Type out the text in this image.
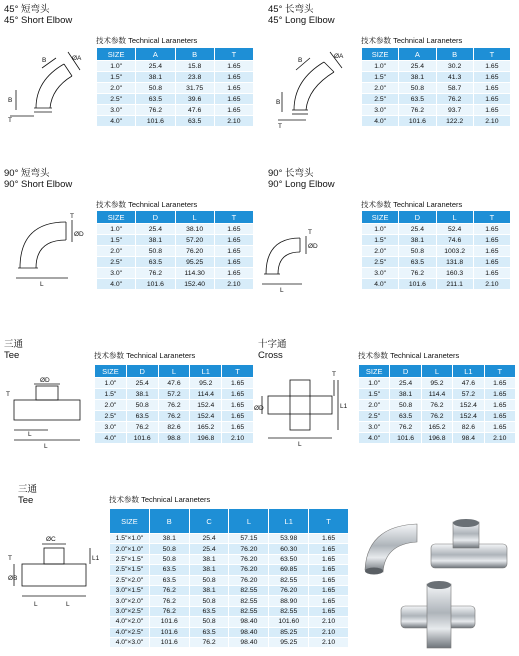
45° 短弯头
45° Short Elbow
45° 长弯头
45° Long Elbow
90° 短弯头
90° Short Elbow
90° 长弯头
90° Long Elbow
三通
Tee
十字通
Cross
三通
Tee
技术参数 Technical Laraneters	技术参数 Technical Laraneters
技术参数 Technical Laraneters	技术参数 Technical Laraneters
技术参数 Technical Laraneters	技术参数 Technical Laraneters
技术参数 Technical Laraneters
SIZE	A	B	T
1.0"	25.4	15.8	1.65
1.5"	38.1	23.8	1.65
2.0"	50.8	31.75	1.65
2.5"	63.5	39.6	1.65
3.0"	76.2	47.6	1.65
4.0"	101.6	63.5	2.10
SIZE	A	B	T
1.0"	25.4	30.2	1.65
1.5"	38.1	41.3	1.65
2.0"	50.8	58.7	1.65
2.5"	63.5	76.2	1.65
3.0"	76.2	93.7	1.65
4.0"	101.6	122.2	2.10
SIZE	D	L	T
1.0"	25.4	38.10	1.65
1.5"	38.1	57.20	1.65
2.0"	50.8	76.20	1.65
2.5"	63.5	95.25	1.65
3.0"	76.2	114.30	1.65
4.0"	101.6	152.40	2.10
SIZE	D	L	T
1.0"	25.4	52.4	1.65
1.5"	38.1	74.6	1.65
2.0"	50.8	1003.2	1.65
2.5"	63.5	131.8	1.65
3.0"	76.2	160.3	1.65
4.0"	101.6	211.1	2.10
SIZE	D	L	L1	T
1.0"	25.4	47.6	95.2	1.65
1.5"	38.1	57.2	114.4	1.65
2.0"	50.8	76.2	152.4	1.65
2.5"	63.5	76.2	152.4	1.65
3.0"	76.2	82.6	165.2	1.65
4.0"	101.6	98.8	196.8	2.10
SIZE	D	L	L1	T
1.0"	25.4	95.2	47.6	1.65
1.5"	38.1	114.4	57.2	1.65
2.0"	50.8	76.2	152.4	1.65
2.5"	63.5	76.2	152.4	1.65
3.0"	76.2	165.2	82.6	1.65
4.0"	101.6	196.8	98.4	2.10
SIZE	B	C	L	L1	T
1.5"×1.0"	38.1	25.4	57.15	53.98	1.65
2.0"×1.0"	50.8	25.4	76.20	60.30	1.65
2.5"×1.5"	50.8	38.1	76.20	63.50	1.65
2.5"×1.5"	63.5	38.1	76.20	69.85	1.65
2.5"×2.0"	63.5	50.8	76.20	82.55	1.65
3.0"×1.5"	76.2	38.1	82.55	76.20	1.65
3.0"×2.0"	76.2	50.8	82.55	88.90	1.65
3.0"×2.5"	76.2	63.5	82.55	82.55	1.65
4.0"×2.0"	101.6	50.8	98.40	101.60	2.10
4.0"×2.5"	101.6	63.5	98.40	85.25	2.10
4.0"×3.0"	101.6	76.2	98.40	95.25	2.10
B	ØA
B
T
B
ØA
B
T
T
ØD
L
T
ØD
L
ØD
T
L
L
ØD
T
L
L1
ØC
T
ØB
L1
L	L
